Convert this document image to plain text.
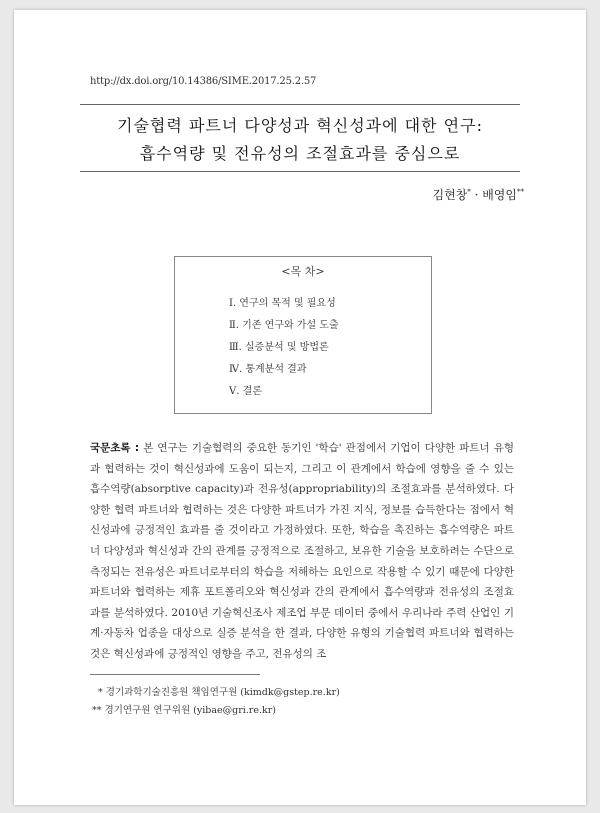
http://dx.doi.org/10.14386/SIME.2017.25.2.57
기술협력 파트너 다양성과 혁신성과에 대한 연구:
흡수역량 및 전유성의 조절효과를 중심으로
김현창* · 배영임**
<목 차>
Ⅰ. 연구의 목적 및 필요성
Ⅱ. 기존 연구와 가설 도출
Ⅲ. 실증분석 및 방법론
Ⅳ. 통계분석 결과
Ⅴ. 결론
국문초록 : 본 연구는 기술협력의 중요한 동기인 '학습' 관점에서 기업이 다양한 파트너 유형과 협력하는 것이 혁신성과에 도움이 되는지, 그리고 이 관계에서 학습에 영향을 줄 수 있는 흡수역량(absorptive capacity)과 전유성(appropriability)의 조절효과를 분석하였다. 다양한 협력 파트너와 협력하는 것은 다양한 파트너가 가진 지식, 정보를 습득한다는 점에서 혁신성과에 긍정적인 효과를 줄 것이라고 가정하였다. 또한, 학습을 촉진하는 흡수역량은 파트너 다양성과 혁신성과 간의 관계를 긍정적으로 조절하고, 보유한 기술을 보호하려는 수단으로 측정되는 전유성은 파트너로부터의 학습을 저해하는 요인으로 작용할 수 있기 때문에 다양한 파트너와 협력하는 제휴 포트폴리오와 혁신성과 간의 관계에서 흡수역량과 전유성의 조절효과를 분석하였다. 2010년 기술혁신조사 제조업 부문 데이터 중에서 우리나라 주력 산업인 기계·자동차 업종을 대상으로 실증 분석을 한 결과, 다양한 유형의 기술협력 파트너와 협력하는 것은 혁신성과에 긍정적인 영향을 주고, 전유성의 조
* 경기과학기술진흥원 책임연구원 (kimdk@gstep.re.kr)
** 경기연구원 연구위원 (yibae@gri.re.kr)
